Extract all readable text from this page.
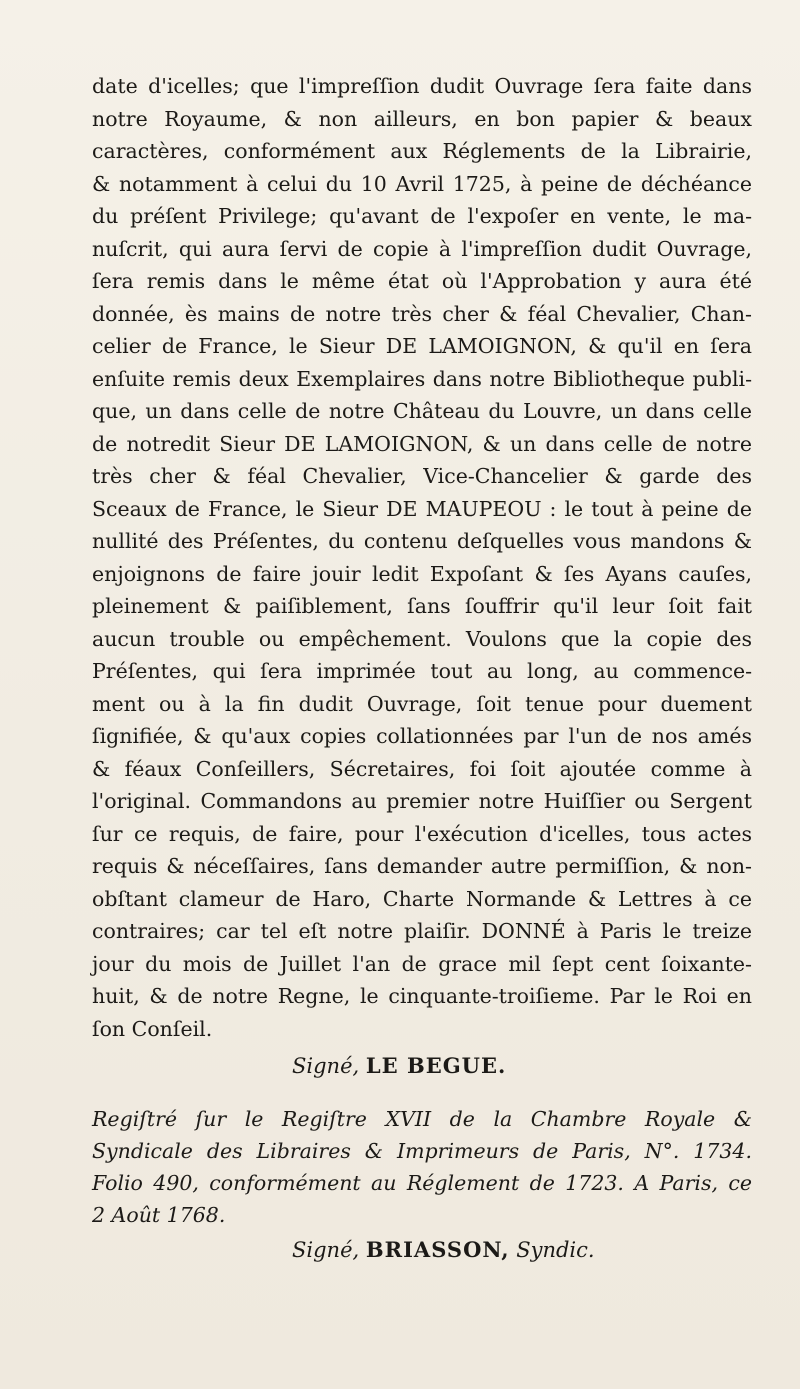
date d'icelles; que l'impreſſion dudit Ouvrage ſera faite dans
notre Royaume, & non ailleurs, en bon papier & beaux
caractères, conformément aux Réglements de la Librairie,
& notamment à celui du 10 Avril 1725, à peine de déchéance
du préſent Privilege; qu'avant de l'expoſer en vente, le ma-
nuſcrit, qui aura ſervi de copie à l'impreſſion dudit Ouvrage,
ſera remis dans le même état où l'Approbation y aura été
donnée, ès mains de notre très cher & féal Chevalier, Chan-
celier de France, le Sieur DE LAMOIGNON, & qu'il en ſera
enſuite remis deux Exemplaires dans notre Bibliotheque publi-
que, un dans celle de notre Château du Louvre, un dans celle
de notredit Sieur DE LAMOIGNON, & un dans celle de notre
très cher & féal Chevalier, Vice-Chancelier & garde des
Sceaux de France, le Sieur DE MAUPEOU : le tout à peine de
nullité des Préſentes, du contenu deſquelles vous mandons &
enjoignons de faire jouir ledit Expoſant & ſes Ayans cauſes,
pleinement & paiſiblement, ſans ſouffrir qu'il leur ſoit fait
aucun trouble ou empêchement. Voulons que la copie des
Préſentes, qui ſera imprimée tout au long, au commence-
ment ou à la fin dudit Ouvrage, ſoit tenue pour duement
ſignifiée, & qu'aux copies collationnées par l'un de nos amés
& féaux Conſeillers, Sécretaires, foi ſoit ajoutée comme à
l'original. Commandons au premier notre Huiſſier ou Sergent
ſur ce requis, de faire, pour l'exécution d'icelles, tous actes
requis & néceſſaires, ſans demander autre permiſſion, & non-
obſtant clameur de Haro, Charte Normande & Lettres à ce
contraires; car tel eſt notre plaiſir. DONNÉ à Paris le treize
jour du mois de Juillet l'an de grace mil ſept cent ſoixante-
huit, & de notre Regne, le cinquante-troiſieme. Par le Roi en
ſon Conſeil.
Signé, LE BEGUE.
Regiſtré ſur le Regiſtre XVII de la Chambre Royale &
Syndicale des Libraires & Imprimeurs de Paris, N°. 1734.
Folio 490, conformément au Réglement de 1723. A Paris, ce
2 Août 1768.
Signé, BRIASSON, Syndic.
